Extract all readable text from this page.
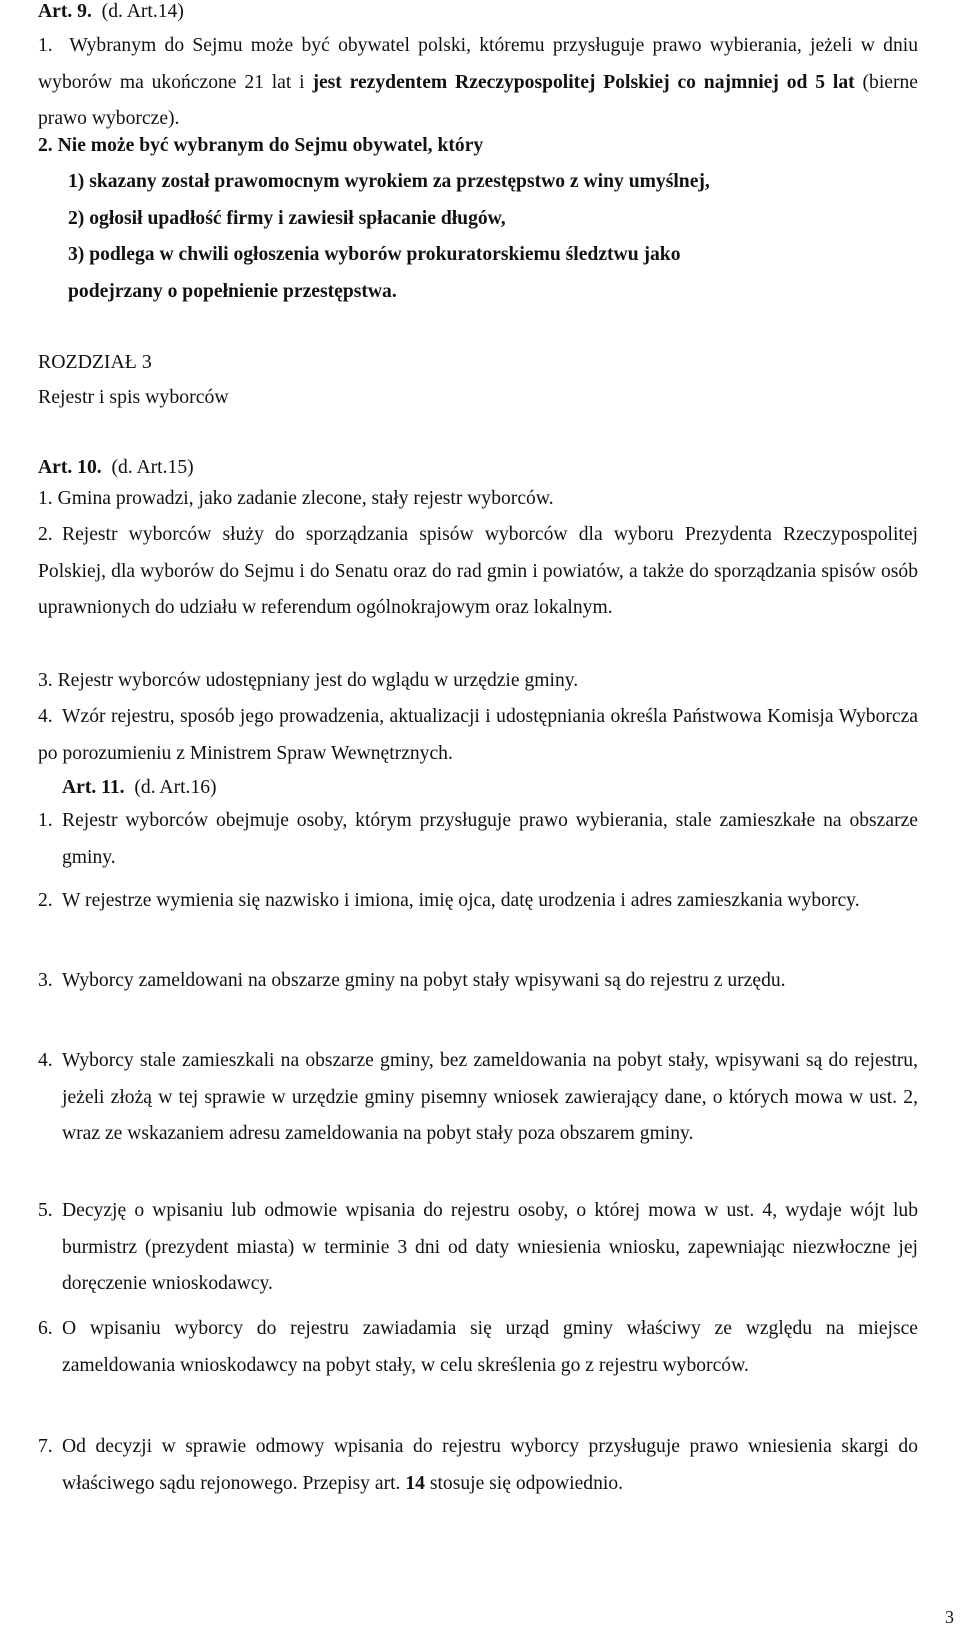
Art. 9. (d. Art.14)
1. Wybranym do Sejmu może być obywatel polski, któremu przysługuje prawo wybierania, jeżeli w dniu wyborów ma ukończone 21 lat i jest rezydentem Rzeczypospolitej Polskiej co najmniej od 5 lat (bierne prawo wyborcze).
2. Nie może być wybranym do Sejmu obywatel, który
1) skazany został prawomocnym wyrokiem za przestępstwo z winy umyślnej,
2) ogłosił upadłość firmy i zawiesił spłacanie długów,
3) podlega w chwili ogłoszenia wyborów prokuratorskiemu śledztwu jako
podejrzany o popełnienie przestępstwa.
ROZDZIAŁ 3
Rejestr i spis wyborców
Art. 10. (d. Art.15)
1. Gmina prowadzi, jako zadanie zlecone, stały rejestr wyborców.
2. Rejestr wyborców służy do sporządzania spisów wyborców dla wyboru Prezydenta Rzeczypospolitej Polskiej, dla wyborów do Sejmu i do Senatu oraz do rad gmin i powiatów, a także do sporządzania spisów osób uprawnionych do udziału w referendum ogólnokrajowym oraz lokalnym.
3. Rejestr wyborców udostępniany jest do wglądu w urzędzie gminy.
4. Wzór rejestru, sposób jego prowadzenia, aktualizacji i udostępniania określa Państwowa Komisja Wyborcza po porozumieniu z Ministrem Spraw Wewnętrznych.
Art. 11. (d. Art.16)
1. Rejestr wyborców obejmuje osoby, którym przysługuje prawo wybierania, stale zamieszkałe na obszarze gminy.
2. W rejestrze wymienia się nazwisko i imiona, imię ojca, datę urodzenia i adres zamieszkania wyborcy.
3. Wyborcy zameldowani na obszarze gminy na pobyt stały wpisywani są do rejestru z urzędu.
4. Wyborcy stale zamieszkali na obszarze gminy, bez zameldowania na pobyt stały, wpisywani są do rejestru, jeżeli złożą w tej sprawie w urzędzie gminy pisemny wniosek zawierający dane, o których mowa w ust. 2, wraz ze wskazaniem adresu zameldowania na pobyt stały poza obszarem gminy.
5. Decyzję o wpisaniu lub odmowie wpisania do rejestru osoby, o której mowa w ust. 4, wydaje wójt lub burmistrz (prezydent miasta) w terminie 3 dni od daty wniesienia wniosku, zapewniając niezwłoczne jej doręczenie wnioskodawcy.
6. O wpisaniu wyborcy do rejestru zawiadamia się urząd gminy właściwy ze względu na miejsce zameldowania wnioskodawcy na pobyt stały, w celu skreślenia go z rejestru wyborców.
7. Od decyzji w sprawie odmowy wpisania do rejestru wyborcy przysługuje prawo wniesienia skargi do właściwego sądu rejonowego. Przepisy art. 14 stosuje się odpowiednio.
3
